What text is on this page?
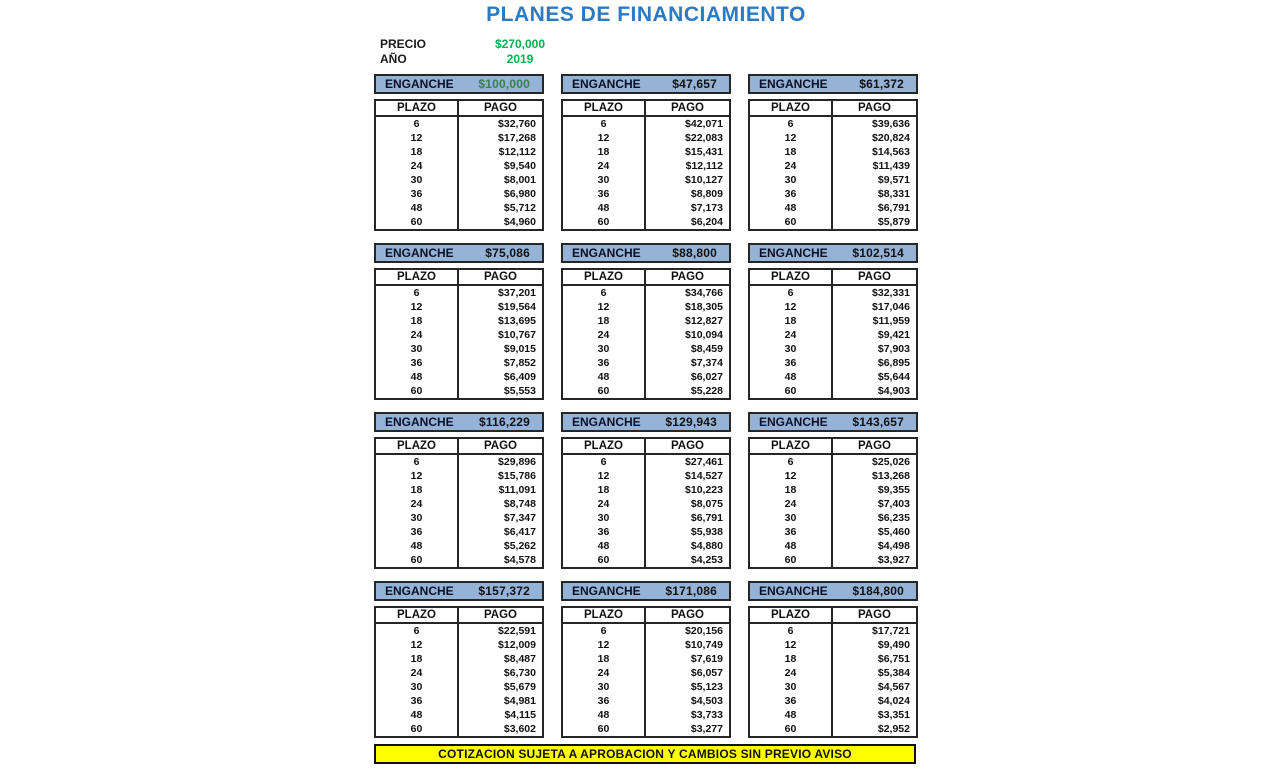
PLANES DE FINANCIAMIENTO
PRECIO	$270,000
AÑO	2019
ENGANCHE $100,000
PLAZO	PAGO
6	$32,760
12	$17,268
18	$12,112
24	$9,540
30	$8,001
36	$6,980
48	$5,712
60	$4,960
ENGANCHE	$47,657
PLAZO	PAGO
6	$42,071
12	$22,083
18	$15,431
24	$12,112
30	$10,127
36	$8,809
48	$7,173
60	$6,204
ENGANCHE	$61,372
PLAZO	PAGO
6	$39,636
12	$20,824
18	$14,563
24	$11,439
30	$9,571
36	$8,331
48	$6,791
60	$5,879
ENGANCHE	$75,086
PLAZO	PAGO
6	$37,201
12	$19,564
18	$13,695
24	$10,767
30	$9,015
36	$7,852
48	$6,409
60	$5,553
ENGANCHE	$88,800
PLAZO	PAGO
6	$34,766
12	$18,305
18	$12,827
24	$10,094
30	$8,459
36	$7,374
48	$6,027
60	$5,228
ENGANCHE $102,514
PLAZO	PAGO
6	$32,331
12	$17,046
18	$11,959
24	$9,421
30	$7,903
36	$6,895
48	$5,644
60	$4,903
ENGANCHE $116,229
PLAZO	PAGO
6	$29,896
12	$15,786
18	$11,091
24	$8,748
30	$7,347
36	$6,417
48	$5,262
60	$4,578
ENGANCHE $129,943
PLAZO	PAGO
6	$27,461
12	$14,527
18	$10,223
24	$8,075
30	$6,791
36	$5,938
48	$4,880
60	$4,253
ENGANCHE $143,657
PLAZO	PAGO
6	$25,026
12	$13,268
18	$9,355
24	$7,403
30	$6,235
36	$5,460
48	$4,498
60	$3,927
ENGANCHE $157,372
PLAZO	PAGO
6	$22,591
12	$12,009
18	$8,487
24	$6,730
30	$5,679
36	$4,981
48	$4,115
60	$3,602
ENGANCHE $171,086
PLAZO	PAGO
6	$20,156
12	$10,749
18	$7,619
24	$6,057
30	$5,123
36	$4,503
48	$3,733
60	$3,277
ENGANCHE $184,800
PLAZO	PAGO
6	$17,721
12	$9,490
18	$6,751
24	$5,384
30	$4,567
36	$4,024
48	$3,351
60	$2,952
COTIZACION SUJETA A APROBACION Y CAMBIOS SIN PREVIO AVISO
